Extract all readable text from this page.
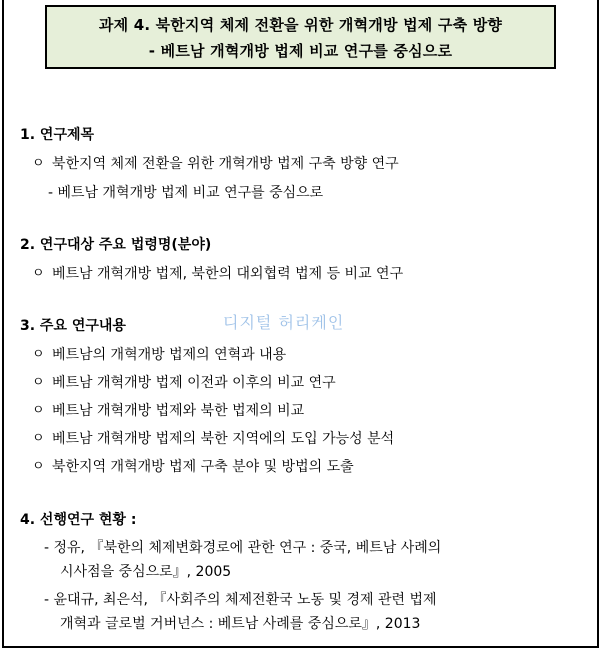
과제 4. 북한지역 체제 전환을 위한 개혁개방 법제 구축 방향
- 베트남 개혁개방 법제 비교 연구를 중심으로
1. 연구제목
ㅇ 북한지역 체제 전환을 위한 개혁개방 법제 구축 방향 연구
- 베트남 개혁개방 법제 비교 연구를 중심으로
2. 연구대상 주요 법령명(분야)
ㅇ 베트남 개혁개방 법제, 북한의 대외협력 법제 등 비교 연구
디지털 허리케인
3. 주요 연구내용
ㅇ 베트남의 개혁개방 법제의 연혁과 내용
ㅇ 베트남 개혁개방 법제 이전과 이후의 비교 연구
ㅇ 베트남 개혁개방 법제와 북한 법제의 비교
ㅇ 베트남 개혁개방 법제의 북한 지역에의 도입 가능성 분석
ㅇ 북한지역 개혁개방 법제 구축 분야 및 방법의 도출
4. 선행연구 현황 :
- 정유, 『북한의 체제변화경로에 관한 연구 : 중국, 베트남 사례의
시사점을 중심으로』, 2005
- 윤대규, 최은석, 『사회주의 체제전환국 노동 및 경제 관련 법제
개혁과 글로벌 거버넌스 : 베트남 사례를 중심으로』, 2013
